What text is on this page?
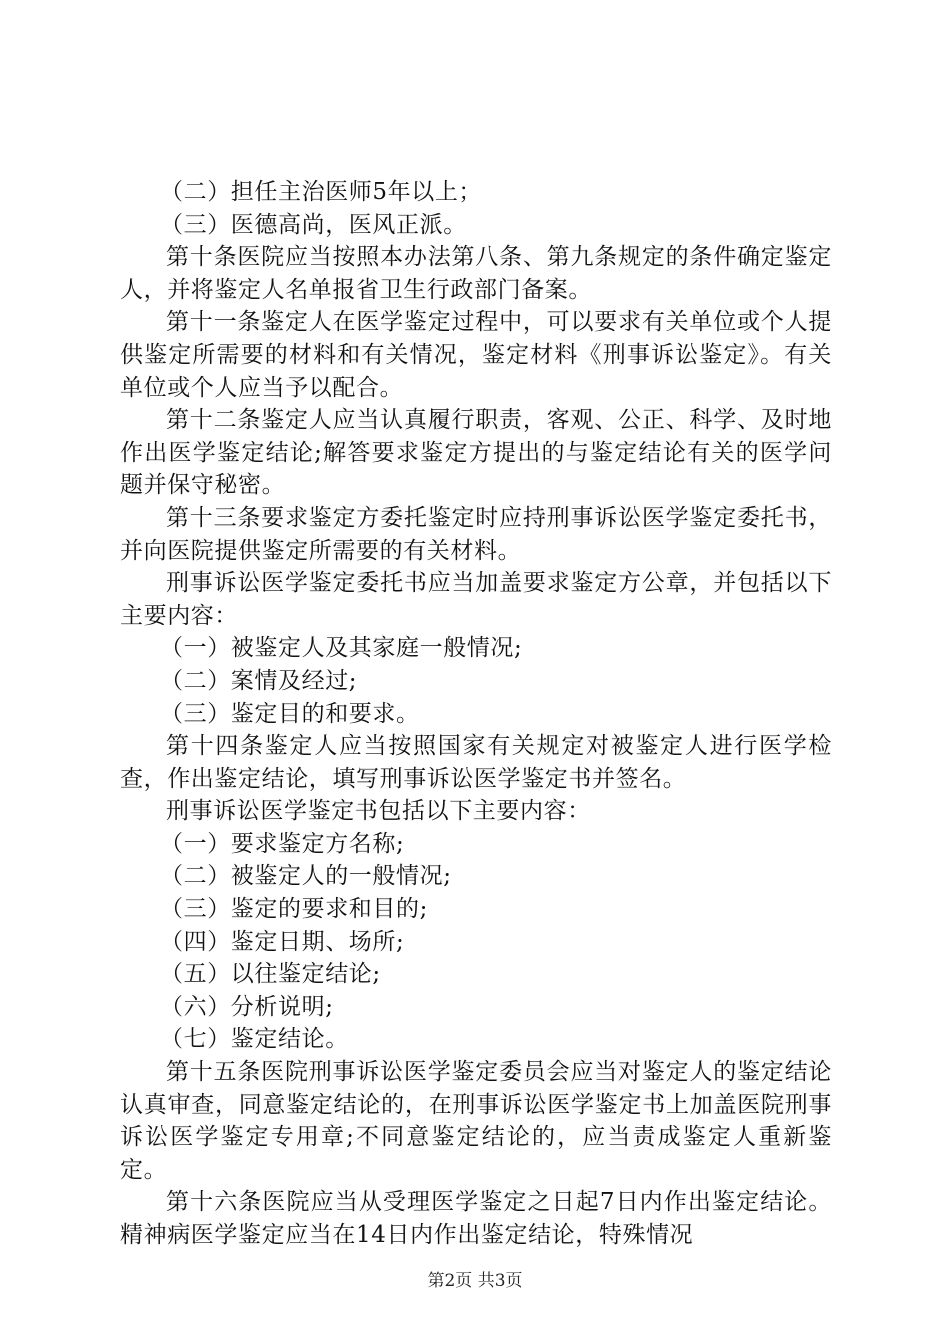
（二）担任主治医师5年以上；

（三）医德高尚，医风正派。

第十条医院应当按照本办法第八条、第九条规定的条件确定鉴定人，并将鉴定人名单报省卫生行政部门备案。

第十一条鉴定人在医学鉴定过程中，可以要求有关单位或个人提供鉴定所需要的材料和有关情况，鉴定材料《刑事诉讼鉴定》。有关单位或个人应当予以配合。

第十二条鉴定人应当认真履行职责，客观、公正、科学、及时地作出医学鉴定结论;解答要求鉴定方提出的与鉴定结论有关的医学问题并保守秘密。

第十三条要求鉴定方委托鉴定时应持刑事诉讼医学鉴定委托书，并向医院提供鉴定所需要的有关材料。

刑事诉讼医学鉴定委托书应当加盖要求鉴定方公章，并包括以下主要内容：

（一）被鉴定人及其家庭一般情况;

（二）案情及经过;

（三）鉴定目的和要求。

第十四条鉴定人应当按照国家有关规定对被鉴定人进行医学检查，作出鉴定结论，填写刑事诉讼医学鉴定书并签名。

刑事诉讼医学鉴定书包括以下主要内容：

（一）要求鉴定方名称;

（二）被鉴定人的一般情况;

（三）鉴定的要求和目的;

（四）鉴定日期、场所;

（五）以往鉴定结论;

（六）分析说明;

（七）鉴定结论。

第十五条医院刑事诉讼医学鉴定委员会应当对鉴定人的鉴定结论认真审查，同意鉴定结论的，在刑事诉讼医学鉴定书上加盖医院刑事诉讼医学鉴定专用章;不同意鉴定结论的，应当责成鉴定人重新鉴定。

第十六条医院应当从受理医学鉴定之日起7日内作出鉴定结论。精神病医学鉴定应当在14日内作出鉴定结论，特殊情况

第2页 共3页
